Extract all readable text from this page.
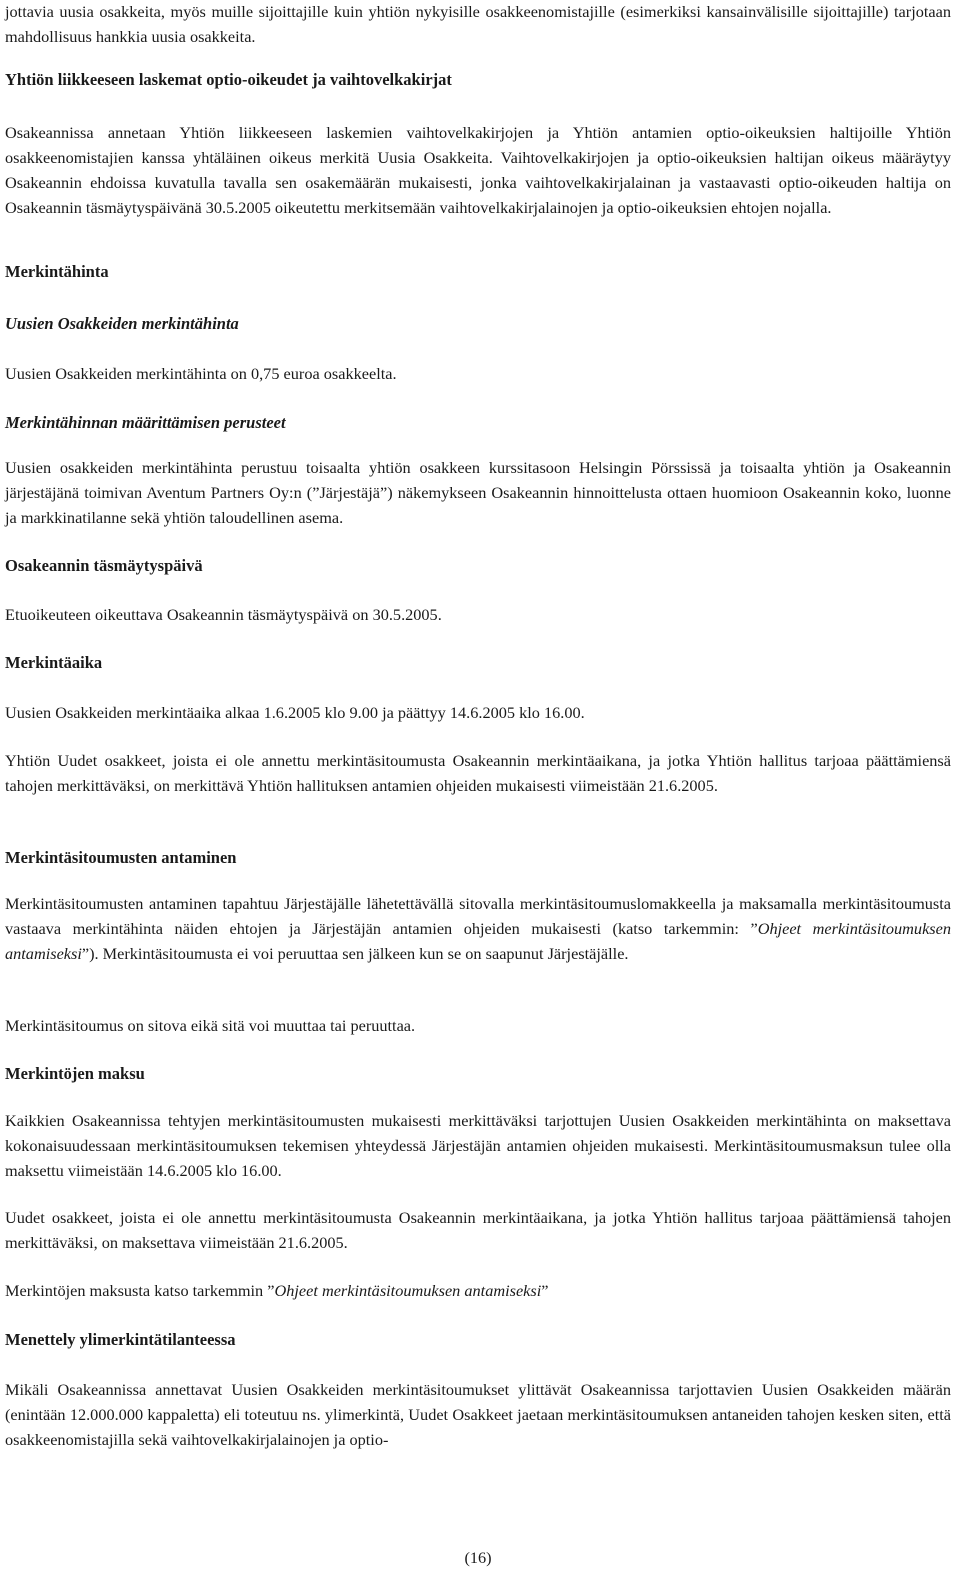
jottavia uusia osakkeita, myös muille sijoittajille kuin yhtiön nykyisille osakkeenomistajille (esimerkiksi kansainvälisille sijoittajille) tarjotaan mahdollisuus hankkia uusia osakkeita.

Yhtiön liikkeeseen laskemat optio-oikeudet ja vaihtovelkakirjat

Osakeannissa annetaan Yhtiön liikkeeseen laskemien vaihtovelkakirjojen ja Yhtiön antamien optio-oikeuksien haltijoille Yhtiön osakkeenomistajien kanssa yhtäläinen oikeus merkitä Uusia Osakkeita. Vaihtovelkakirjojen ja optio-oikeuksien haltijan oikeus määräytyy Osakeannin ehdoissa kuvatulla tavalla sen osakemäärän mukaisesti, jonka vaihtovelkakirjalainan ja vastaavasti optio-oikeuden haltija on Osakeannin täsmäytyspäivänä 30.5.2005 oikeutettu merkitsemään vaihtovelkakirjalainojen ja optio-oikeuksien ehtojen nojalla.

Merkintähinta
Uusien Osakkeiden merkintähinta

Uusien Osakkeiden merkintähinta on 0,75 euroa osakkeelta.

Merkintähinnan määrittämisen perusteet

Uusien osakkeiden merkintähinta perustuu toisaalta yhtiön osakkeen kurssitasoon Helsingin Pörssissä ja toisaalta yhtiön ja Osakeannin järjestäjänä toimivan Aventum Partners Oy:n (”Järjestäjä”) näkemykseen Osakeannin hinnoittelusta ottaen huomioon Osakeannin koko, luonne ja markkinatilanne sekä yhtiön taloudellinen asema.

Osakeannin täsmäytyspäivä

Etuoikeuteen oikeuttava Osakeannin täsmäytyspäivä on 30.5.2005.

Merkintäaika

Uusien Osakkeiden merkintäaika alkaa 1.6.2005 klo 9.00 ja päättyy 14.6.2005 klo 16.00.

Yhtiön Uudet osakkeet, joista ei ole annettu merkintäsitoumusta Osakeannin merkintäaikana, ja jotka Yhtiön hallitus tarjoaa päättämiensä tahojen merkittäväksi, on merkittävä Yhtiön hallituksen antamien ohjeiden mukaisesti viimeistään 21.6.2005.

Merkintäsitoumusten antaminen

Merkintäsitoumusten antaminen tapahtuu Järjestäjälle lähetettävällä sitovalla merkintäsitoumuslomakkeella ja maksamalla merkintäsitoumusta vastaava merkintähinta näiden ehtojen ja Järjestäjän antamien ohjeiden mukaisesti (katso tarkemmin: ”Ohjeet merkintäsitoumuksen antamiseksi”). Merkintäsitoumusta ei voi peruuttaa sen jälkeen kun se on saapunut Järjestäjälle.

Merkintäsitoumus on sitova eikä sitä voi muuttaa tai peruuttaa.

Merkintöjen maksu

Kaikkien Osakeannissa tehtyjen merkintäsitoumusten mukaisesti merkittäväksi tarjottujen Uusien Osakkeiden merkintähinta on maksettava kokonaisuudessaan merkintäsitoumuksen tekemisen yhteydessä Järjestäjän antamien ohjeiden mukaisesti. Merkintäsitoumusmaksun tulee olla maksettu viimeistään 14.6.2005 klo 16.00.

Uudet osakkeet, joista ei ole annettu merkintäsitoumusta Osakeannin merkintäaikana, ja jotka Yhtiön hallitus tarjoaa päättämiensä tahojen merkittäväksi, on maksettava viimeistään 21.6.2005.

Merkintöjen maksusta katso tarkemmin ”Ohjeet merkintäsitoumuksen antamiseksi”

Menettely ylimerkintätilanteessa

Mikäli Osakeannissa annettavat Uusien Osakkeiden merkintäsitoumukset ylittävät Osakeannissa tarjottavien Uusien Osakkeiden määrän (enintään 12.000.000 kappaletta) eli toteutuu ns. ylimerkintä, Uudet Osakkeet jaetaan merkintäsitoumuksen antaneiden tahojen kesken siten, että osakkeenomistajilla sekä vaihtovelkakirjalainojen ja optio-

(16)
